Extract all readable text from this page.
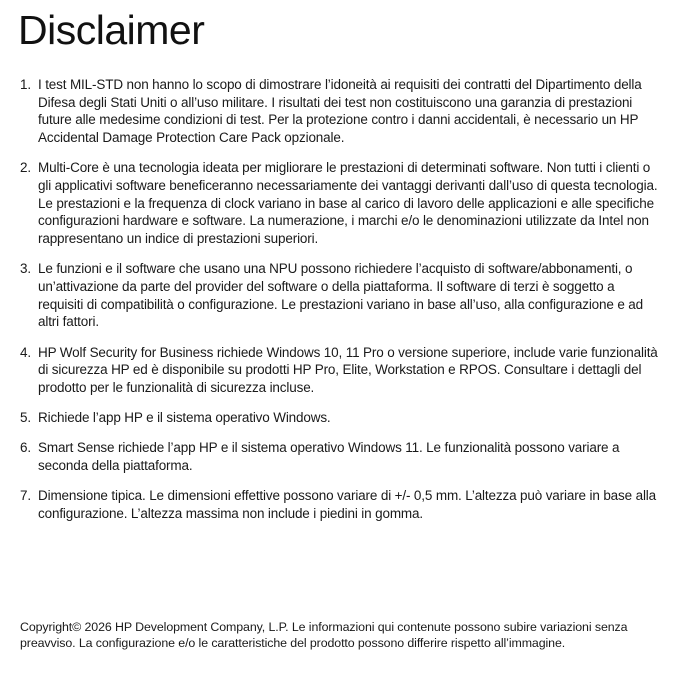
Disclaimer
1. I test MIL-STD non hanno lo scopo di dimostrare l’idoneità ai requisiti dei contratti del Dipartimento della Difesa degli Stati Uniti o all’uso militare. I risultati dei test non costituiscono una garanzia di prestazioni future alle medesime condizioni di test. Per la protezione contro i danni accidentali, è necessario un HP Accidental Damage Protection Care Pack opzionale.
2. Multi-Core è una tecnologia ideata per migliorare le prestazioni di determinati software. Non tutti i clienti o gli applicativi software beneficeranno necessariamente dei vantaggi derivanti dall’uso di questa tecnologia. Le prestazioni e la frequenza di clock variano in base al carico di lavoro delle applicazioni e alle specifiche configurazioni hardware e software. La numerazione, i marchi e/o le denominazioni utilizzate da Intel non rappresentano un indice di prestazioni superiori.
3. Le funzioni e il software che usano una NPU possono richiedere l’acquisto di software/abbonamenti, o un’attivazione da parte del provider del software o della piattaforma. Il software di terzi è soggetto a requisiti di compatibilità o configurazione. Le prestazioni variano in base all’uso, alla configurazione e ad altri fattori.
4. HP Wolf Security for Business richiede Windows 10, 11 Pro o versione superiore, include varie funzionalità di sicurezza HP ed è disponibile su prodotti HP Pro, Elite, Workstation e RPOS. Consultare i dettagli del prodotto per le funzionalità di sicurezza incluse.
5. Richiede l’app HP e il sistema operativo Windows.
6. Smart Sense richiede l’app HP e il sistema operativo Windows 11. Le funzionalità possono variare a seconda della piattaforma.
7. Dimensione tipica. Le dimensioni effettive possono variare di +/- 0,5 mm. L’altezza può variare in base alla configurazione. L’altezza massima non include i piedini in gomma.

Copyright© 2026 HP Development Company, L.P. Le informazioni qui contenute possono subire variazioni senza preavviso. La configurazione e/o le caratteristiche del prodotto possono differire rispetto all’immagine.
